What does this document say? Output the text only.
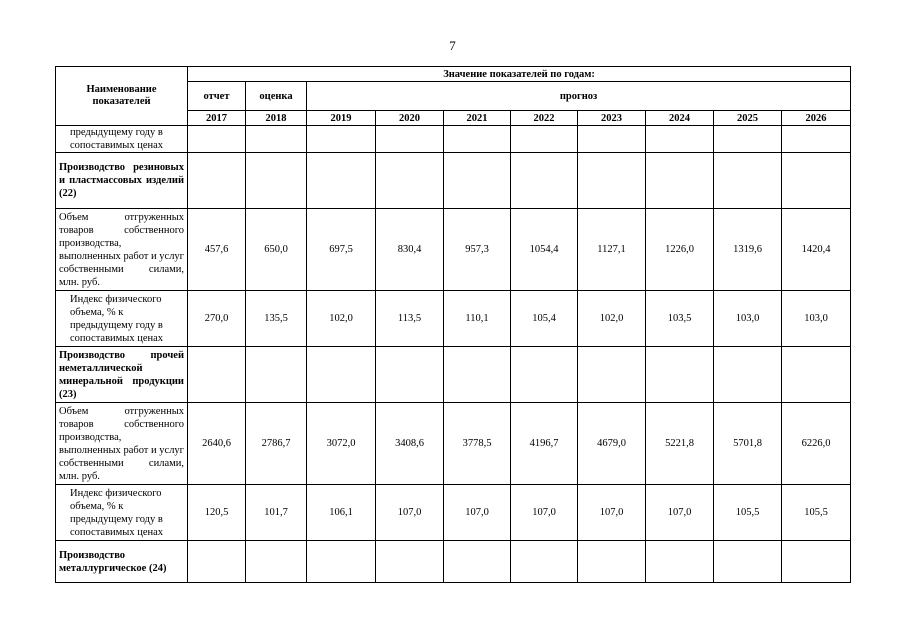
7
Наименование показателей	Значение показателей по годам:									
	отчет	оценка	прогноз							
	2017	2018	2019	2020	2021	2022	2023	2024	2025	2026
предыдущему году в сопоставимых ценах										
Производство резиновых и пластмассовых изделий (22)										
Объем отгруженных товаров собственного производства, выполненных работ и услуг собственными силами, млн. руб.	457,6	650,0	697,5	830,4	957,3	1054,4	1127,1	1226,0	1319,6	1420,4
Индекс физического объема, % к предыдущему году в сопоставимых ценах	270,0	135,5	102,0	113,5	110,1	105,4	102,0	103,5	103,0	103,0
Производство прочей неметаллической минеральной продукции (23)										
Объем отгруженных товаров собственного производства, выполненных работ и услуг собственными силами, млн. руб.	2640,6	2786,7	3072,0	3408,6	3778,5	4196,7	4679,0	5221,8	5701,8	6226,0
Индекс физического объема, % к предыдущему году в сопоставимых ценах	120,5	101,7	106,1	107,0	107,0	107,0	107,0	107,0	105,5	105,5
Производство металлургическое (24)										
